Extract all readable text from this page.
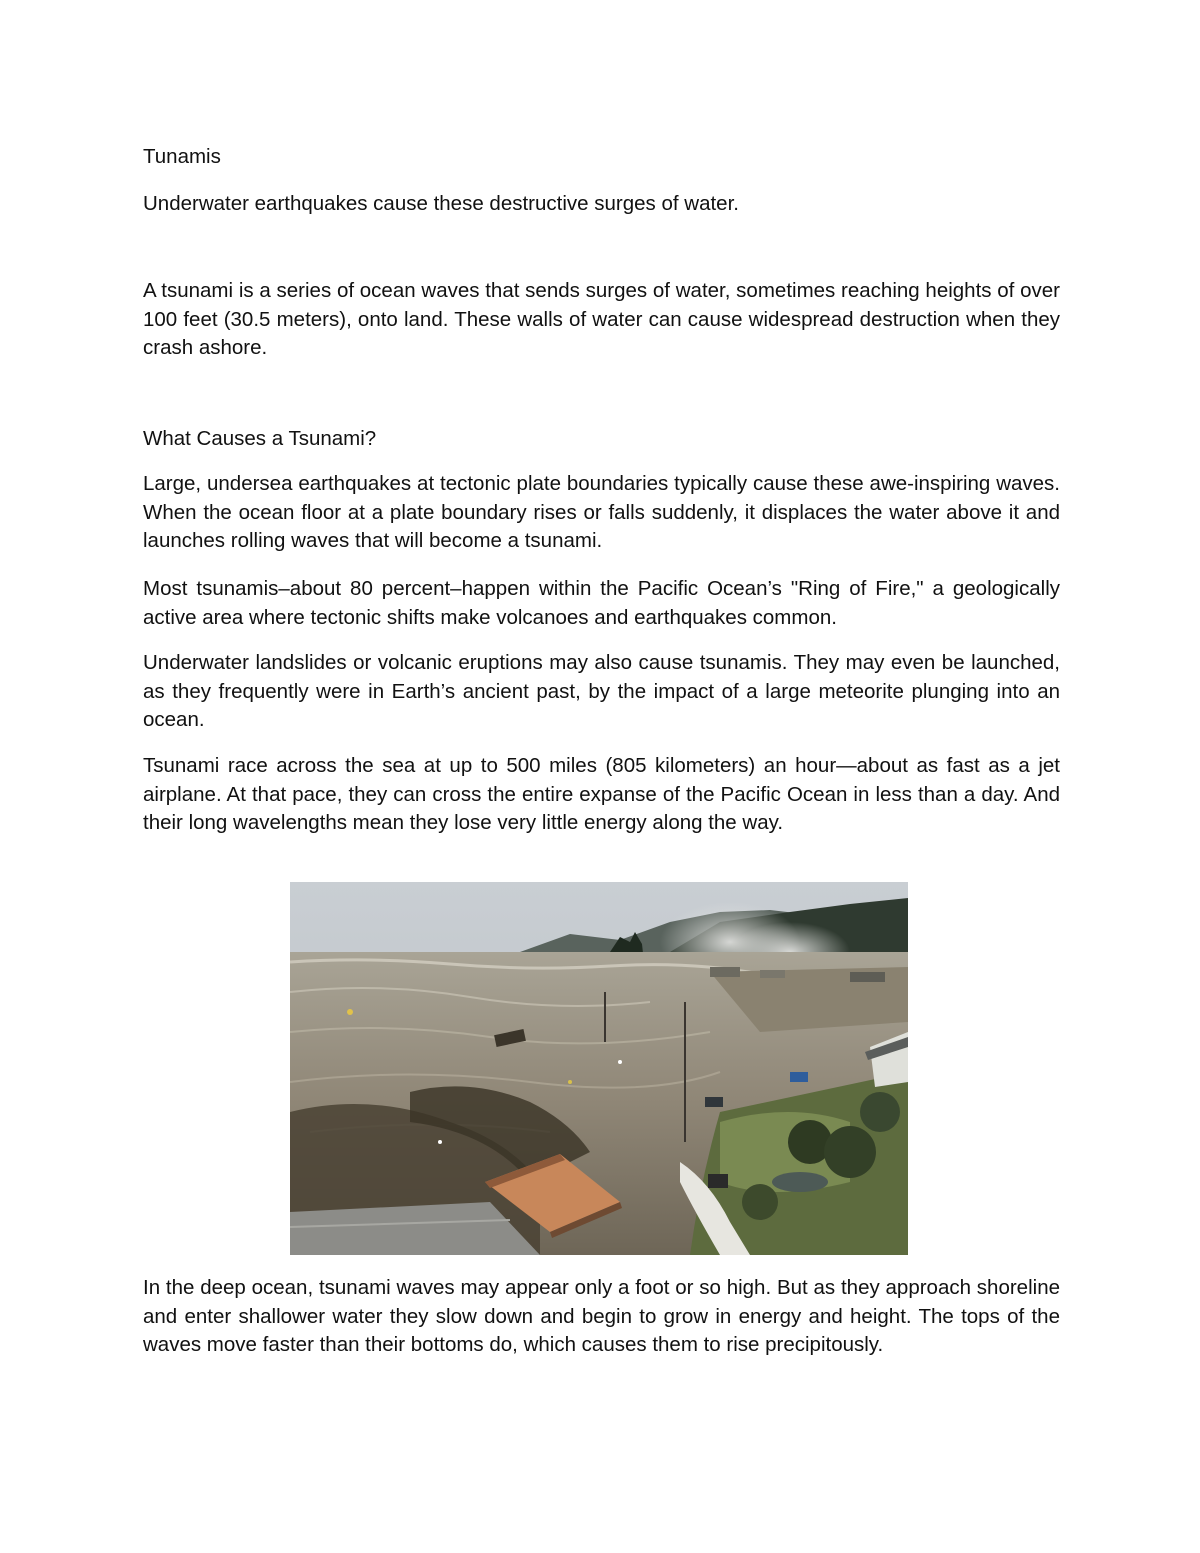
Tunamis

Underwater earthquakes cause these destructive surges of water.

A tsunami is a series of ocean waves that sends surges of water, sometimes reaching heights of over 100 feet (30.5 meters), onto land. These walls of water can cause widespread destruction when they crash ashore.

What Causes a Tsunami?

Large, undersea earthquakes at tectonic plate boundaries typically cause these awe-inspiring waves. When the ocean floor at a plate boundary rises or falls suddenly, it displaces the water above it and launches rolling waves that will become a tsunami.

Most tsunamis–about 80 percent–happen within the Pacific Ocean’s "Ring of Fire," a geologically active area where tectonic shifts make volcanoes and earthquakes common.

Underwater landslides or volcanic eruptions may also cause tsunamis. They may even be launched, as they frequently were in Earth’s ancient past, by the impact of a large meteorite plunging into an ocean.

Tsunami race across the sea at up to 500 miles (805 kilometers) an hour—about as fast as a jet airplane. At that pace, they can cross the entire expanse of the Pacific Ocean in less than a day. And their long wavelengths mean they lose very little energy along the way.

In the deep ocean, tsunami waves may appear only a foot or so high. But as they approach shoreline and enter shallower water they slow down and begin to grow in energy and height. The tops of the waves move faster than their bottoms do, which causes them to rise precipitously.
